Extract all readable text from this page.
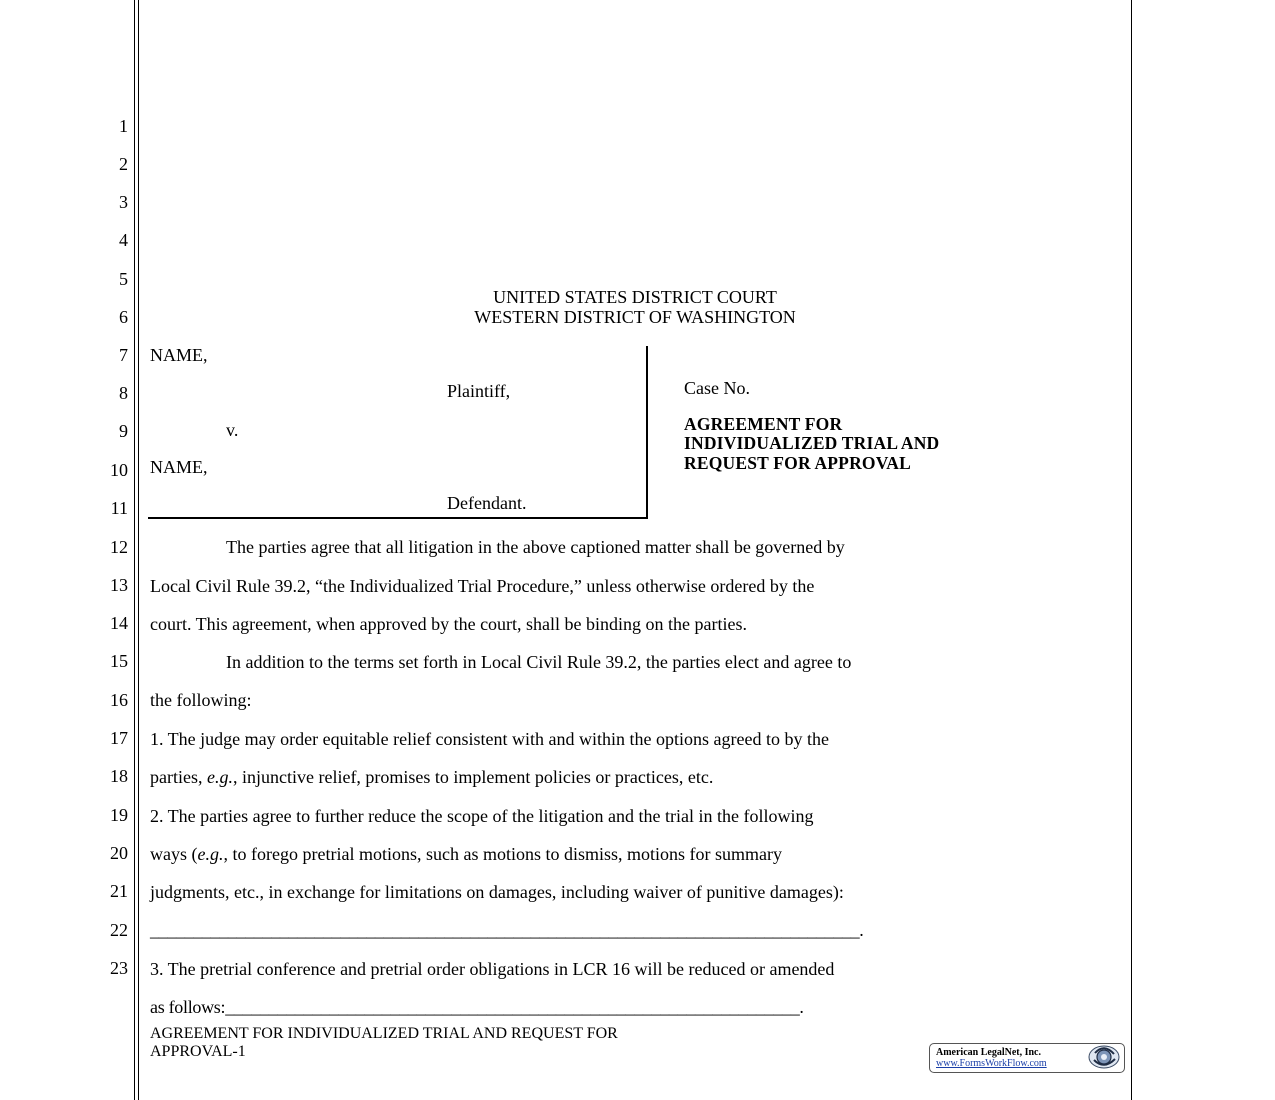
1
2
3
4
5
6
7
8
9
10
11
12
13
14
15
16
17
18
19
20
21
22
23
UNITED STATES DISTRICT COURT
WESTERN DISTRICT OF WASHINGTON
NAME,
Plaintiff,
v.
NAME,
Defendant.
Case No.
AGREEMENT FOR
INDIVIDUALIZED TRIAL AND
REQUEST FOR APPROVAL
The parties agree that all litigation in the above captioned matter shall be governed by
Local Civil Rule 39.2, “the Individualized Trial Procedure,” unless otherwise ordered by the
court. This agreement, when approved by the court, shall be binding on the parties.
In addition to the terms set forth in Local Civil Rule 39.2, the parties elect and agree to
the following:
1. The judge may order equitable relief consistent with and within the options agreed to by the
parties, e.g., injunctive relief, promises to implement policies or practices, etc.
2. The parties agree to further reduce the scope of the litigation and the trial in the following
ways (e.g., to forego pretrial motions, such as motions to dismiss, motions for summary
judgments, etc., in exchange for limitations on damages, including waiver of punitive damages):
__________________________________________________________________________________.
3. The pretrial conference and pretrial order obligations in LCR 16 will be reduced or amended
as follows:__________________________________________________________________.
AGREEMENT FOR INDIVIDUALIZED TRIAL AND REQUEST FOR
APPROVAL-1	American LegalNet, Inc.
www.FormsWorkFlow.com
